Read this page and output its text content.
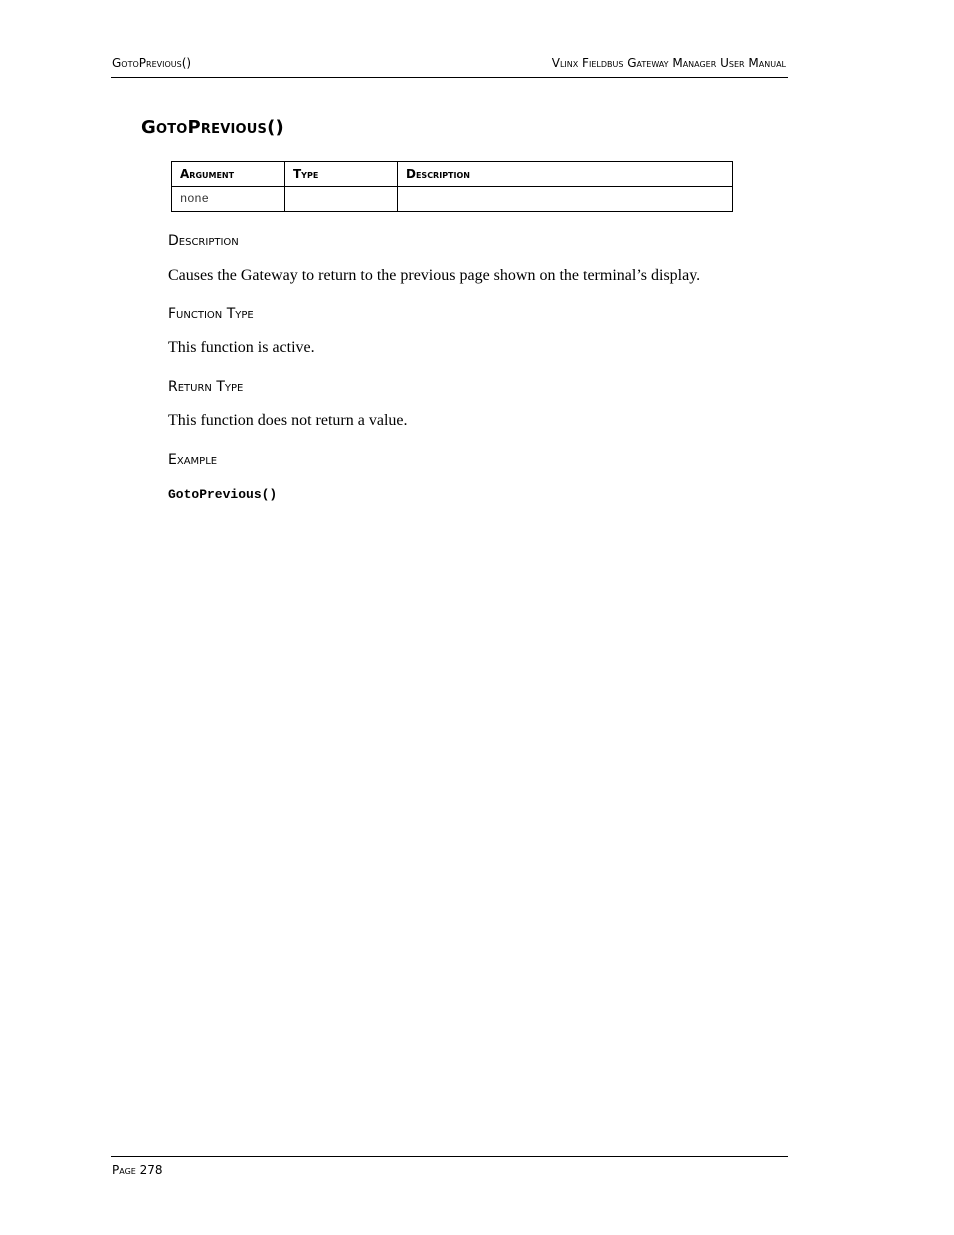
GotoPrevious()	Vlinx Fieldbus Gateway Manager User Manual
GotoPrevious()
Argument	Type	Description
none		
Description

Causes the Gateway to return to the previous page shown on the terminal’s display.

Function Type

This function is active.

Return Type

This function does not return a value.

Example
GotoPrevious()
Page 278
